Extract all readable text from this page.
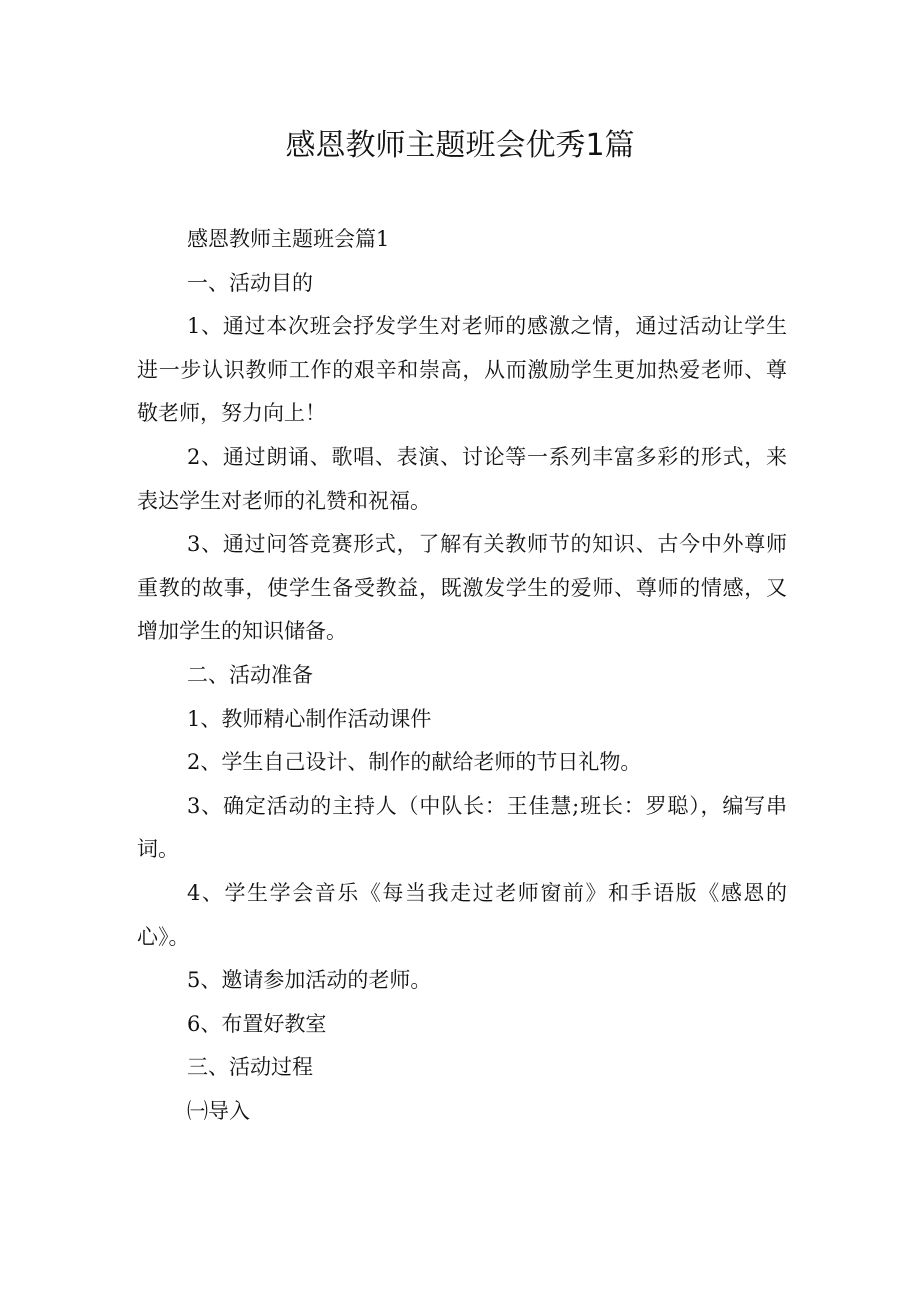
感恩教师主题班会优秀1篇

感恩教师主题班会篇1

一、活动目的

1、通过本次班会抒发学生对老师的感激之情，通过活动让学生进一步认识教师工作的艰辛和崇高，从而激励学生更加热爱老师、尊敬老师，努力向上！

2、通过朗诵、歌唱、表演、讨论等一系列丰富多彩的形式，来表达学生对老师的礼赞和祝福。

3、通过问答竞赛形式，了解有关教师节的知识、古今中外尊师重教的故事，使学生备受教益，既激发学生的爱师、尊师的情感，又增加学生的知识储备。

二、活动准备

1、教师精心制作活动课件

2、学生自己设计、制作的献给老师的节日礼物。

3、确定活动的主持人（中队长：王佳慧;班长：罗聪），编写串词。

4、学生学会音乐《每当我走过老师窗前》和手语版《感恩的心》。

5、邀请参加活动的老师。

6、布置好教室

三、活动过程

㈠导入
